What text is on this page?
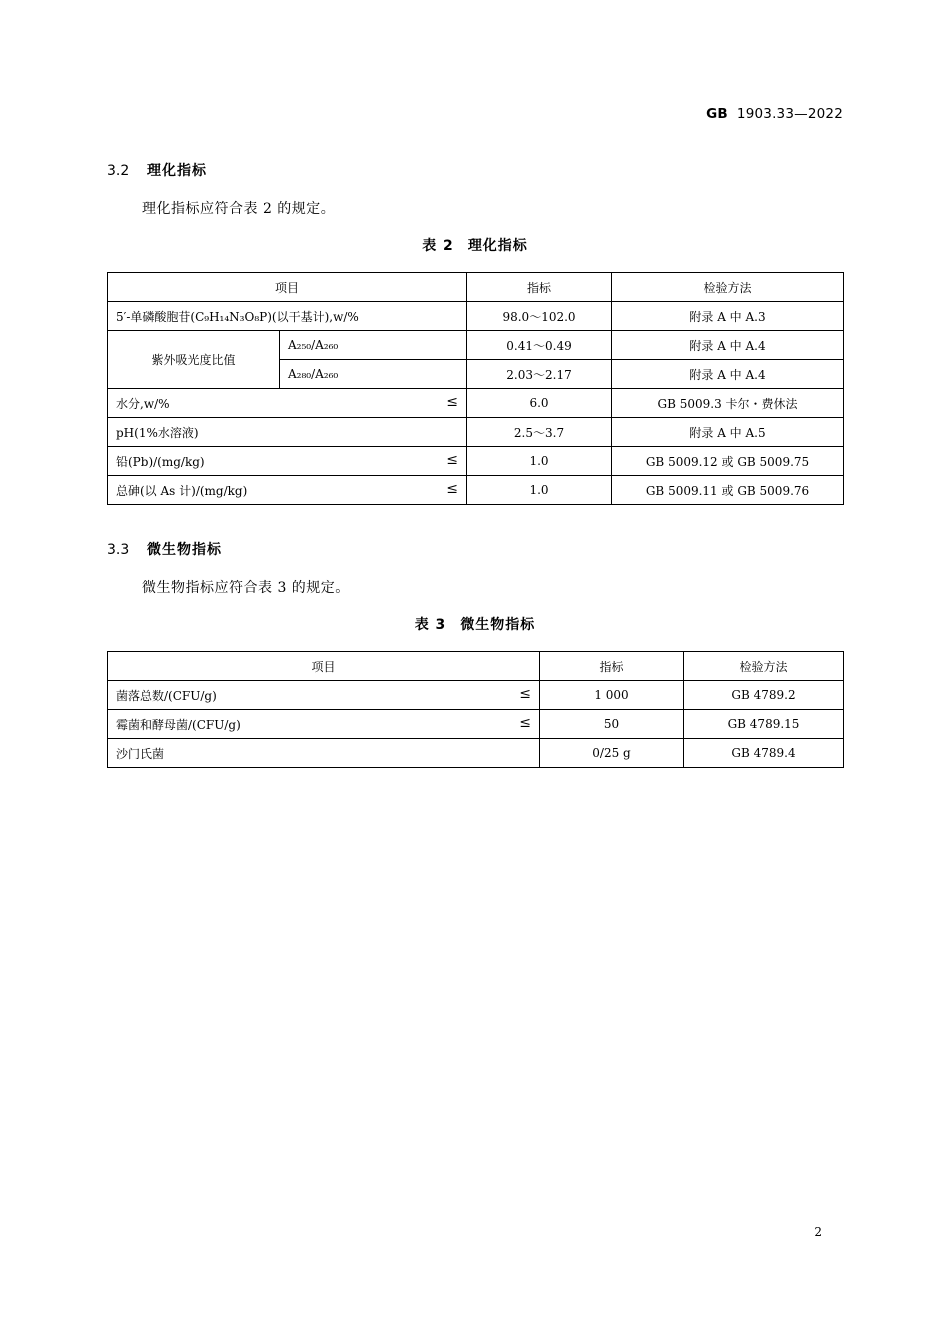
GB 1903.33—2022
3.2 理化指标
理化指标应符合表 2 的规定。
表 2 理化指标
项目		指标	检验方法
5′-单磷酸胞苷(C₉H₁₄N₃O₈P)(以干基计),w/%		98.0～102.0	附录 A 中 A.3
紫外吸光度比值	A₂₅₀/A₂₆₀	0.41～0.49	附录 A 中 A.4
	A₂₈₀/A₂₆₀	2.03～2.17	附录 A 中 A.4
水分,w/% ≤		6.0	GB 5009.3 卡尔・费休法
pH(1%水溶液)		2.5～3.7	附录 A 中 A.5
铅(Pb)/(mg/kg) ≤		1.0	GB 5009.12 或 GB 5009.75
总砷(以 As 计)/(mg/kg) ≤		1.0	GB 5009.11 或 GB 5009.76
3.3 微生物指标
微生物指标应符合表 3 的规定。
表 3 微生物指标
项目	指标	检验方法
菌落总数/(CFU/g) ≤	1 000	GB 4789.2
霉菌和酵母菌/(CFU/g) ≤	50	GB 4789.15
沙门氏菌	0/25 g	GB 4789.4
2
